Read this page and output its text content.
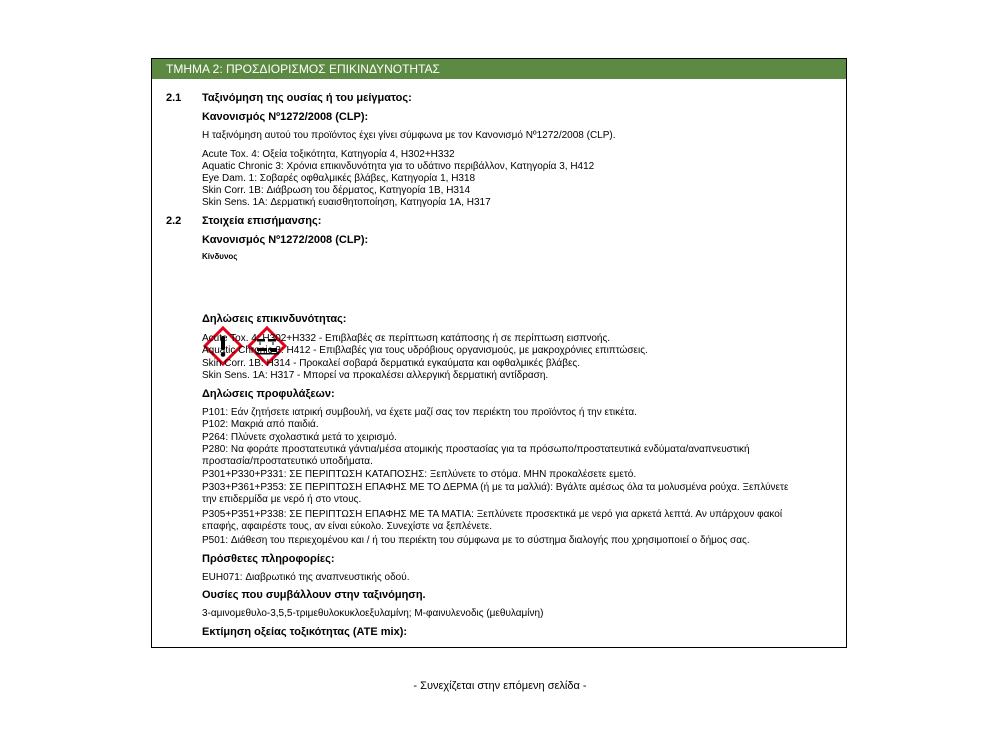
ΤΜΗΜΑ 2: ΠΡΟΣΔΙΟΡΙΣΜΟΣ ΕΠΙΚΙΝΔΥΝΟΤΗΤΑΣ
2.1 Ταξινόμηση της ουσίας ή του μείγματος:
Κανονισμός Νº1272/2008 (CLP):
Η ταξινόμηση αυτού του προϊόντος έχει γίνει σύμφωνα με τον Κανονισμό Νº1272/2008 (CLP).
Acute Tox. 4: Οξεία τοξικότητα, Κατηγορία 4, H302+H332
Aquatic Chronic 3: Χρόνια επικινδυνότητα για το υδάτινο περιβάλλον, Κατηγορία 3, H412
Eye Dam. 1: Σοβαρές οφθαλμικές βλάβες, Κατηγορία 1, H318
Skin Corr. 1B: Διάβρωση του δέρματος, Κατηγορία 1B, H314
Skin Sens. 1A: Δερματική ευαισθητοποίηση, Κατηγορία 1A, H317
2.2 Στοιχεία επισήμανσης:
Κανονισμός Νº1272/2008 (CLP):
Κίνδυνος
Δηλώσεις επικινδυνότητας:
Acute Tox. 4: H302+H332 - Επιβλαβές σε περίπτωση κατάποσης ή σε περίπτωση εισπνοής.
Aquatic Chronic 3: H412 - Επιβλαβές για τους υδρόβιους οργανισμούς, με μακροχρόνιες επιπτώσεις.
Skin Corr. 1B: H314 - Προκαλεί σοβαρά δερματικά εγκαύματα και οφθαλμικές βλάβες.
Skin Sens. 1A: H317 - Μπορεί να προκαλέσει αλλεργική δερματική αντίδραση.
Δηλώσεις προφυλάξεων:
P101: Εάν ζητήσετε ιατρική συμβουλή, να έχετε μαζί σας τον περιέκτη του προϊόντος ή την ετικέτα.
P102: Μακριά από παιδιά.
P264: Πλύνετε σχολαστικά μετά το χειρισμό.
P280: Να φοράτε προστατευτικά γάντια/μέσα ατομικής προστασίας για τα πρόσωπο/προστατευτικά ενδύματα/αναπνευστική
προστασία/προστατευτικό υποδήματα.
P301+P330+P331: ΣΕ ΠΕΡΙΠΤΩΣΗ ΚΑΤΑΠΟΣΗΣ: Ξεπλύνετε το στόμα. ΜΗΝ προκαλέσετε εμετό.
P303+P361+P353: ΣΕ ΠΕΡΙΠΤΩΣΗ ΕΠΑΦΗΣ ΜΕ ΤΟ ΔΕΡΜΑ (ή με τα μαλλιά): Βγάλτε αμέσως όλα τα μολυσμένα ρούχα. Ξεπλύνετε
την επιδερμίδα με νερό ή στο ντους.
P305+P351+P338: ΣΕ ΠΕΡΙΠΤΩΣΗ ΕΠΑΦΗΣ ΜΕ ΤΑ ΜΑΤΙΑ: Ξεπλύνετε προσεκτικά με νερό για αρκετά λεπτά. Αν υπάρχουν φακοί
επαφής, αφαιρέστε τους, αν είναι εύκολο. Συνεχίστε να ξεπλένετε.
P501: Διάθεση του περιεχομένου και / ή του περιέκτη του σύμφωνα με το σύστημα διαλογής που χρησιμοποιεί ο δήμος σας.
Πρόσθετες πληροφορίες:
EUH071: Διαβρωτικό της αναπνευστικής οδού.
Ουσίες που συμβάλλουν στην ταξινόμηση.
3-αμινομεθυλο-3,5,5-τριμεθυλοκυκλοεξυλαμίνη; Μ-φαινυλενοδις (μεθυλαμίνη)
Εκτίμηση οξείας τοξικότητας (ATE mix):
- Συνεχίζεται στην επόμενη σελίδα -
